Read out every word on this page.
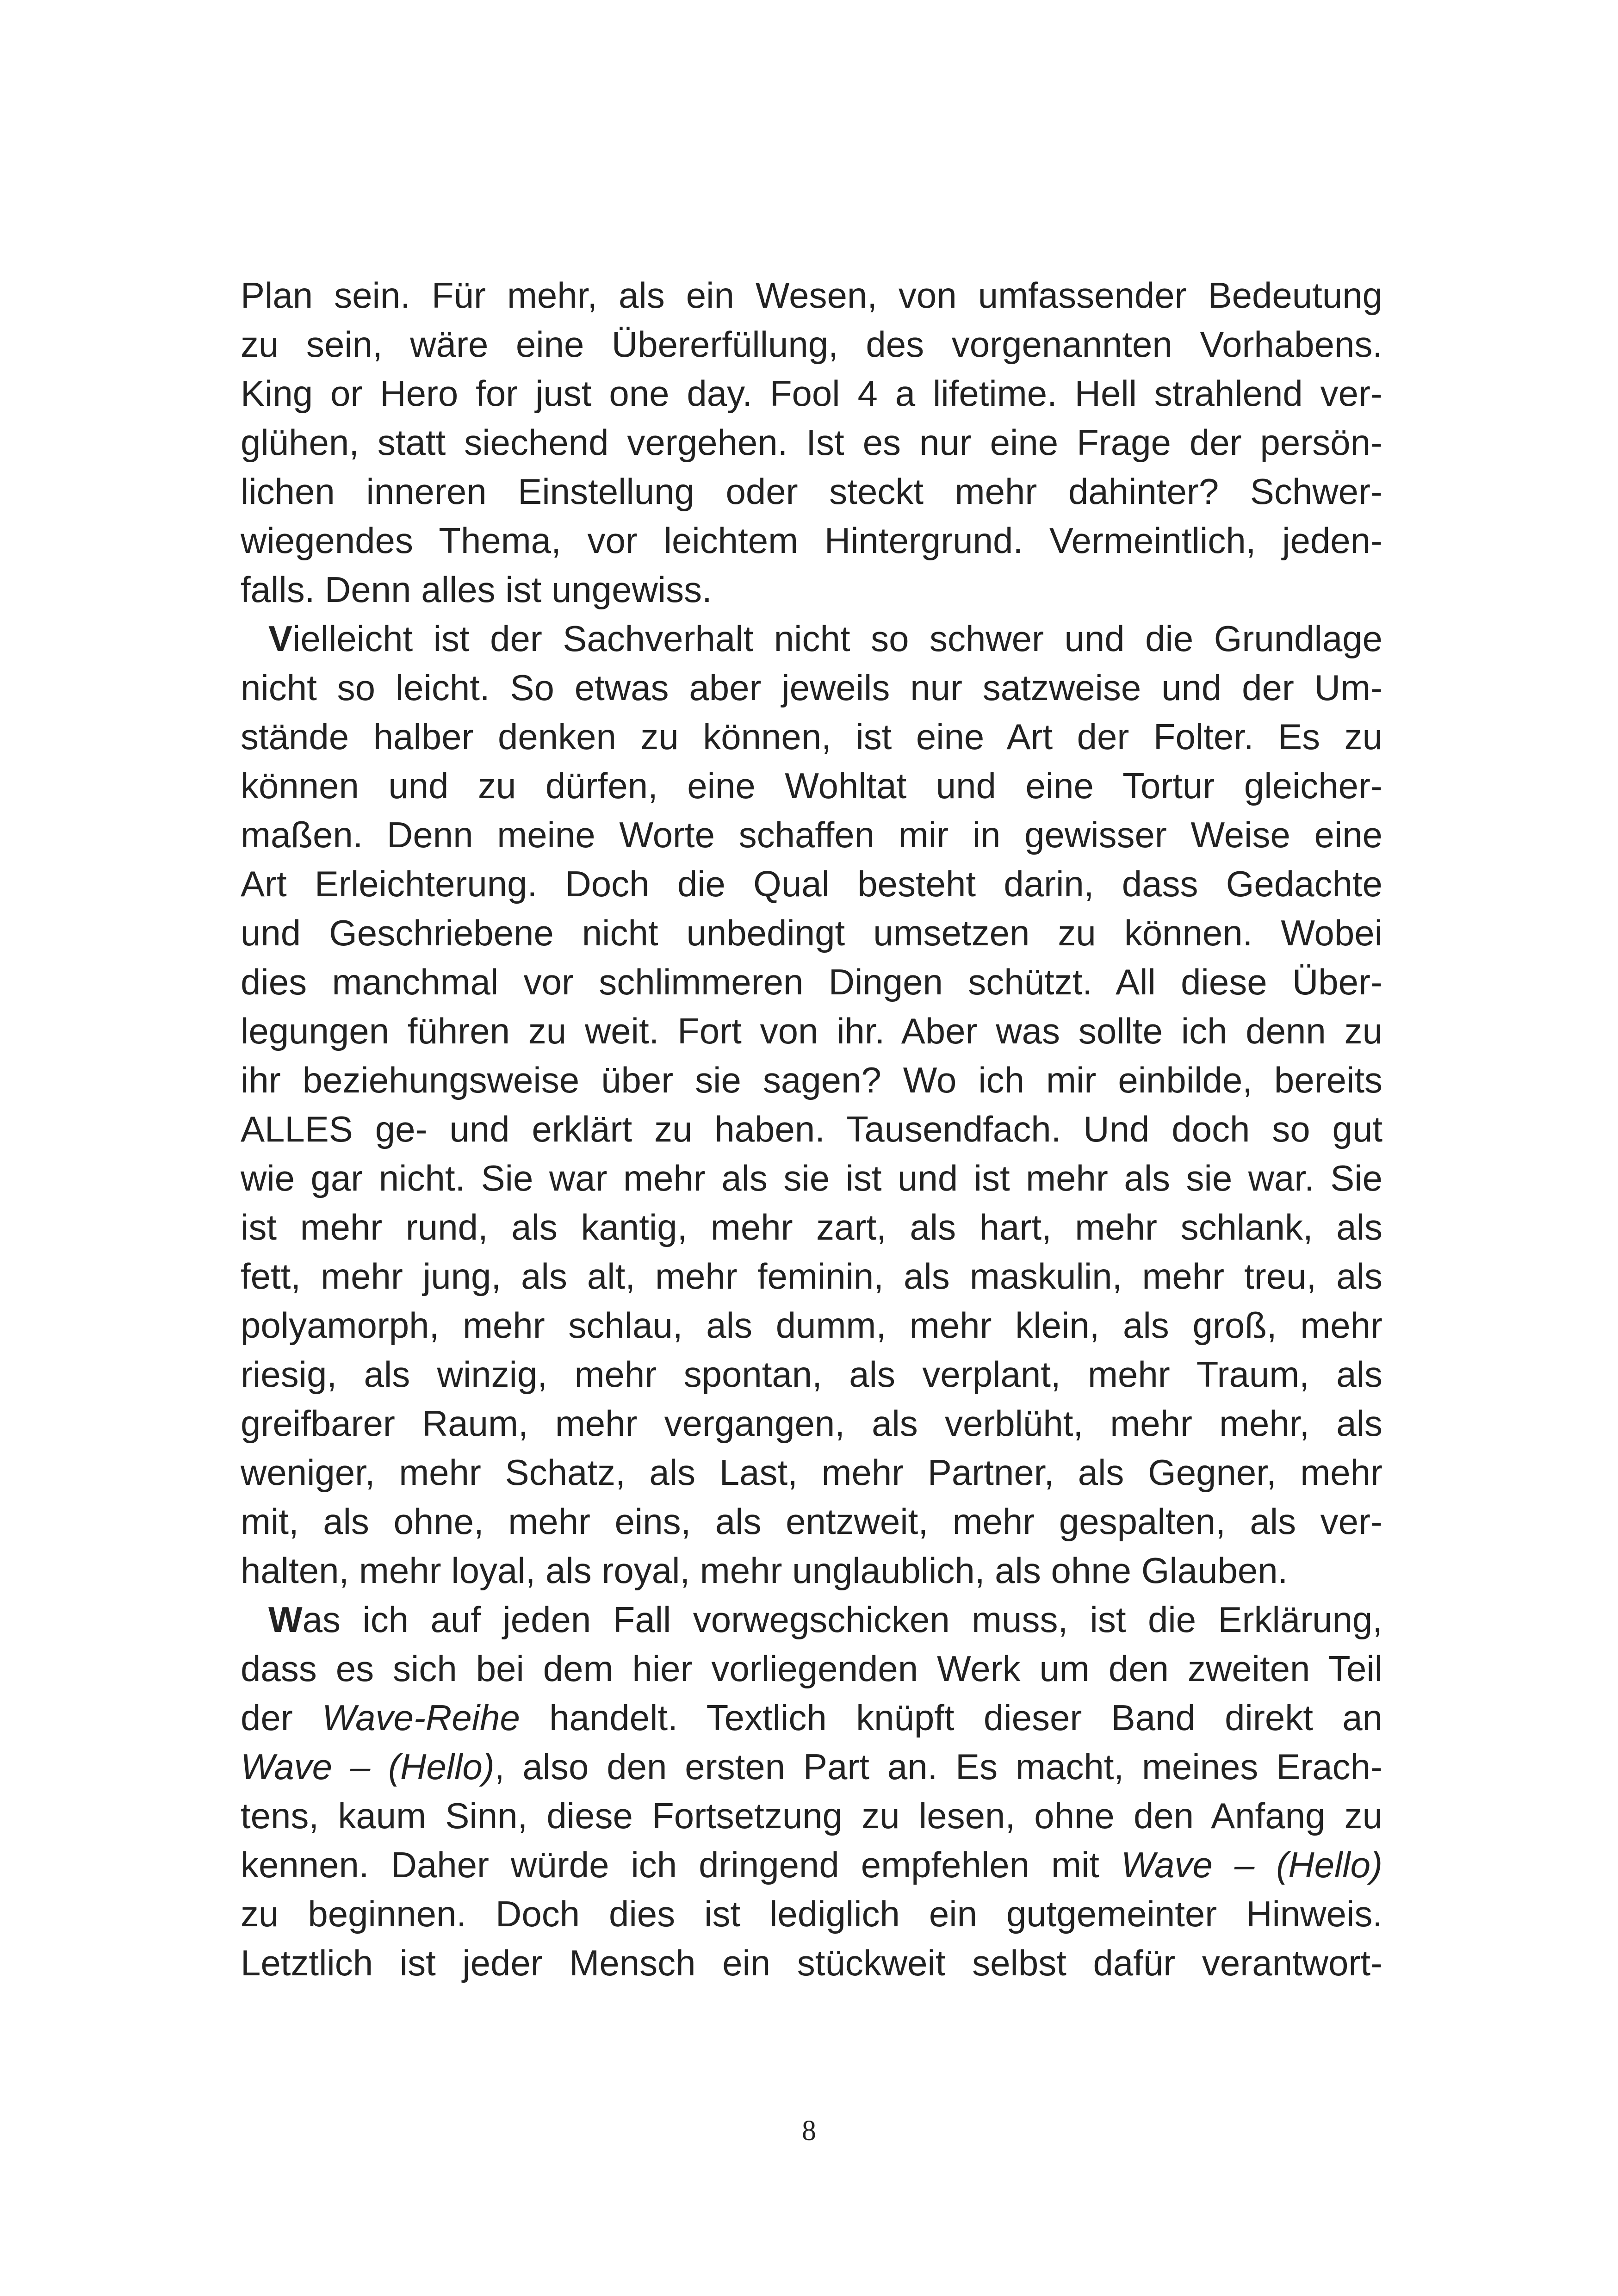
Plan sein. Für mehr, als ein Wesen, von umfassender Bedeutung
zu sein, wäre eine Übererfüllung, des vorgenannten Vorhabens.
King or Hero for just one day. Fool 4 a lifetime. Hell strahlend ver-
glühen, statt siechend vergehen. Ist es nur eine Frage der persön-
lichen inneren Einstellung oder steckt mehr dahinter? Schwer-
wiegendes Thema, vor leichtem Hintergrund. Vermeintlich, jeden-
falls. Denn alles ist ungewiss.
Vielleicht ist der Sachverhalt nicht so schwer und die Grundlage
nicht so leicht. So etwas aber jeweils nur satzweise und der Um-
stände halber denken zu können, ist eine Art der Folter. Es zu
können und zu dürfen, eine Wohltat und eine Tortur gleicher-
maßen. Denn meine Worte schaffen mir in gewisser Weise eine
Art Erleichterung. Doch die Qual besteht darin, dass Gedachte
und Geschriebene nicht unbedingt umsetzen zu können. Wobei
dies manchmal vor schlimmeren Dingen schützt. All diese Über-
legungen führen zu weit. Fort von ihr. Aber was sollte ich denn zu
ihr beziehungsweise über sie sagen? Wo ich mir einbilde, bereits
ALLES ge- und erklärt zu haben. Tausendfach. Und doch so gut
wie gar nicht. Sie war mehr als sie ist und ist mehr als sie war. Sie
ist mehr rund, als kantig, mehr zart, als hart, mehr schlank, als
fett, mehr jung, als alt, mehr feminin, als maskulin, mehr treu, als
polyamorph, mehr schlau, als dumm, mehr klein, als groß, mehr
riesig, als winzig, mehr spontan, als verplant, mehr Traum, als
greifbarer Raum, mehr vergangen, als verblüht, mehr mehr, als
weniger, mehr Schatz, als Last, mehr Partner, als Gegner, mehr
mit, als ohne, mehr eins, als entzweit, mehr gespalten, als ver-
halten, mehr loyal, als royal, mehr unglaublich, als ohne Glauben.
Was ich auf jeden Fall vorwegschicken muss, ist die Erklärung,
dass es sich bei dem hier vorliegenden Werk um den zweiten Teil
der Wave-Reihe handelt. Textlich knüpft dieser Band direkt an
Wave – (Hello), also den ersten Part an. Es macht, meines Erach-
tens, kaum Sinn, diese Fortsetzung zu lesen, ohne den Anfang zu
kennen. Daher würde ich dringend empfehlen mit Wave – (Hello)
zu beginnen. Doch dies ist lediglich ein gutgemeinter Hinweis.
Letztlich ist jeder Mensch ein stückweit selbst dafür verantwort-
8
